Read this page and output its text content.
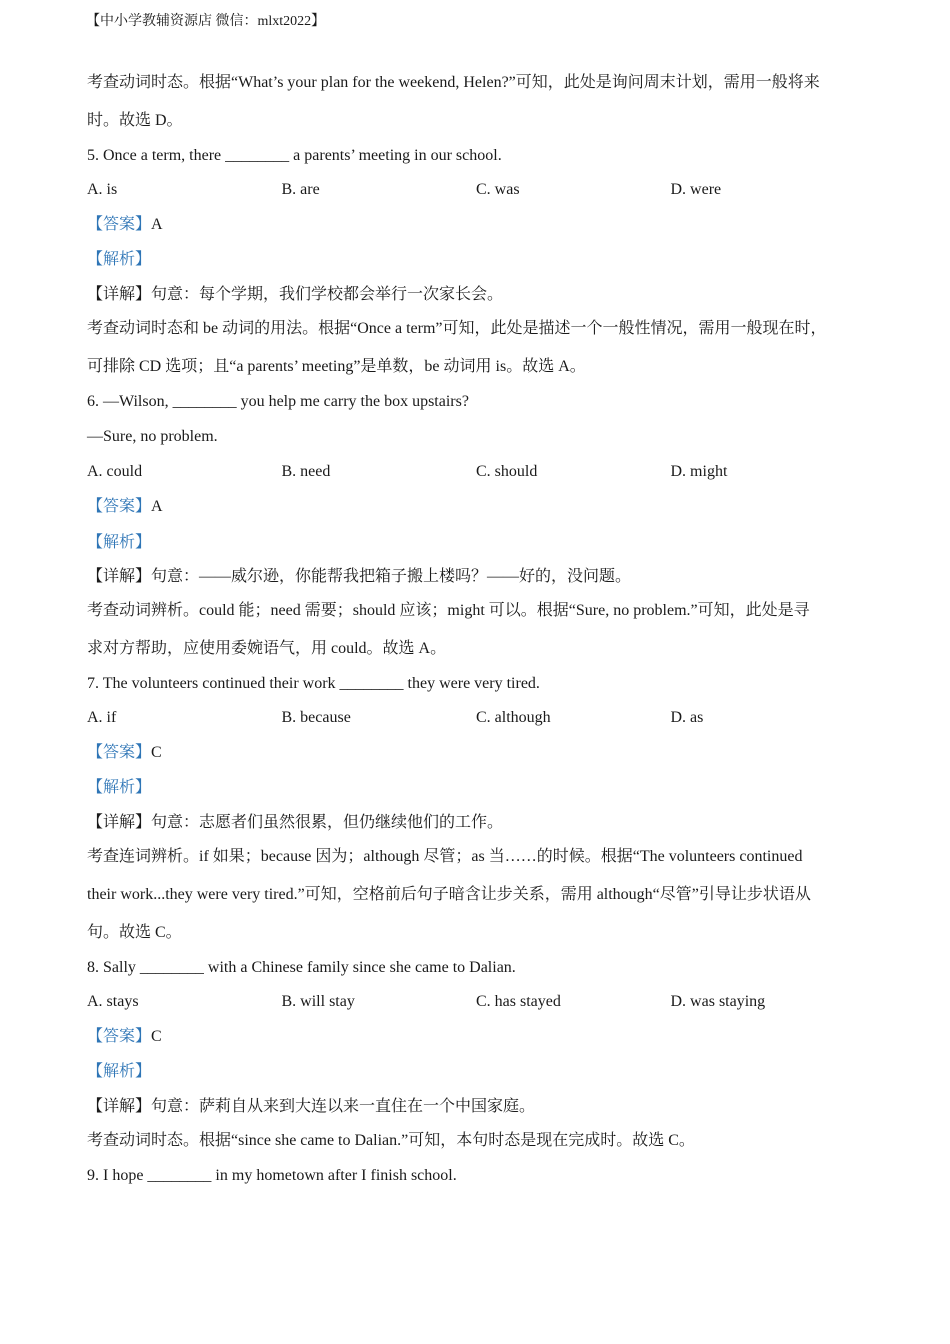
【中小学教辅资源店 微信：mlxt2022】
考查动词时态。根据“What’s your plan for the weekend, Helen?”可知，此处是询问周末计划，需用一般将来
时。故选 D。
5. Once a term, there ________ a parents’ meeting in our school.
A. is	B. are	C. was	D. were
【答案】A
【解析】
【详解】句意：每个学期，我们学校都会举行一次家长会。
考查动词时态和 be 动词的用法。根据“Once a term”可知，此处是描述一个一般性情况，需用一般现在时，
可排除 CD 选项；且“a parents’ meeting”是单数，be 动词用 is。故选 A。
6. —Wilson, ________ you help me carry the box upstairs?
—Sure, no problem.
A. could	B. need	C. should	D. might
【答案】A
【解析】
【详解】句意：——威尔逊，你能帮我把箱子搬上楼吗？——好的，没问题。
考查动词辨析。could 能；need 需要；should 应该；might 可以。根据“Sure, no problem.”可知，此处是寻
求对方帮助，应使用委婉语气，用 could。故选 A。
7. The volunteers continued their work ________ they were very tired.
A. if	B. because	C. although	D. as
【答案】C
【解析】
【详解】句意：志愿者们虽然很累，但仍继续他们的工作。
考查连词辨析。if 如果；because 因为；although 尽管；as 当……的时候。根据“The volunteers continued
their work...they were very tired.”可知，空格前后句子暗含让步关系，需用 although“尽管”引导让步状语从
句。故选 C。
8. Sally ________ with a Chinese family since she came to Dalian.
A. stays	B. will stay	C. has stayed	D. was staying
【答案】C
【解析】
【详解】句意：萨莉自从来到大连以来一直住在一个中国家庭。
考查动词时态。根据“since she came to Dalian.”可知，本句时态是现在完成时。故选 C。
9. I hope ________ in my hometown after I finish school.
